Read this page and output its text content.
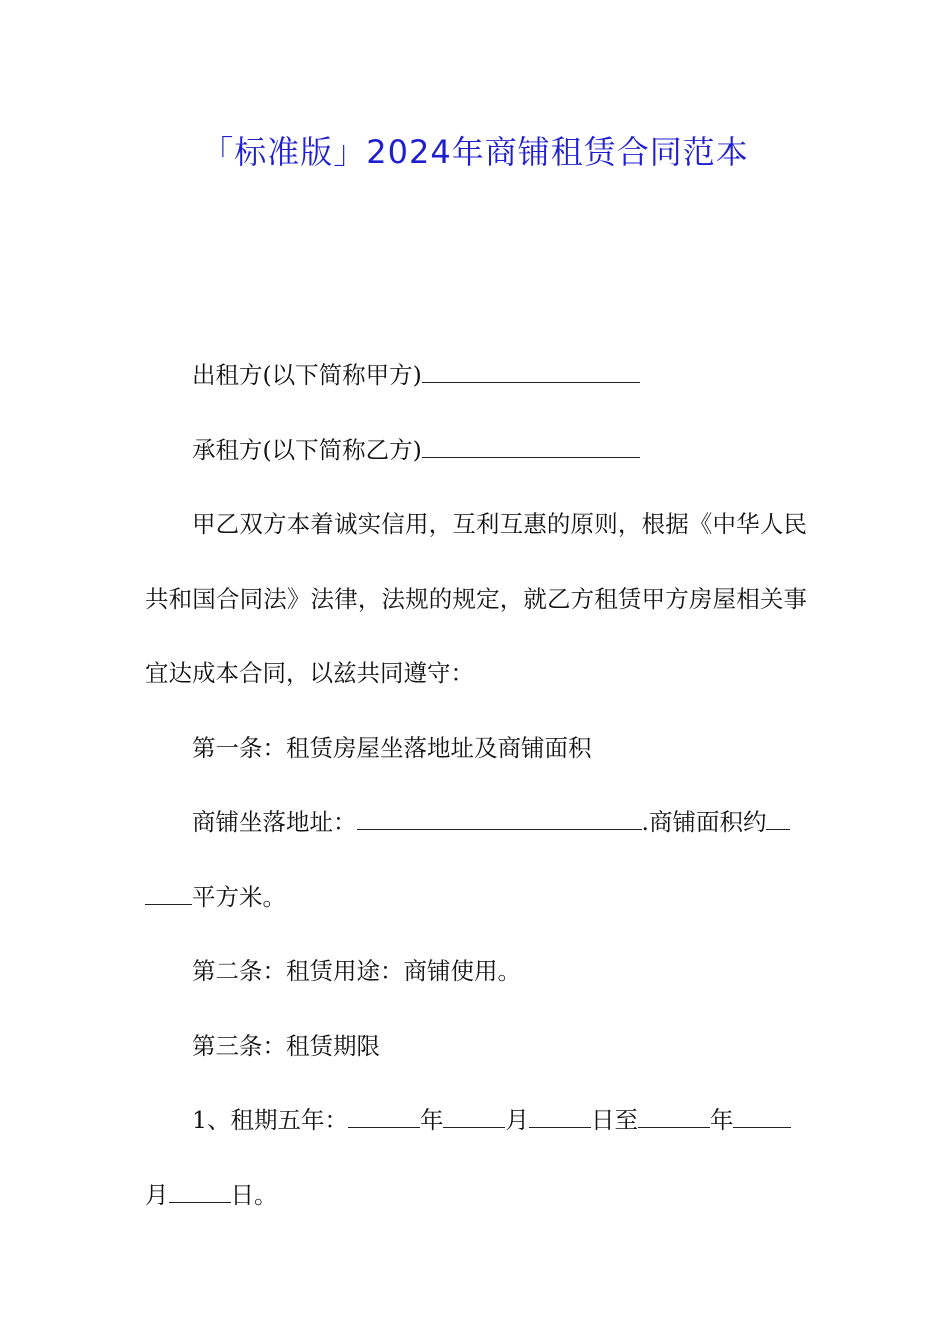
「标准版」2024年商铺租赁合同范本

出租方(以下简称甲方)

承租方(以下简称乙方)

甲乙双方本着诚实信用，互利互惠的原则，根据《中华人民共和国合同法》法律，法规的规定，就乙方租赁甲方房屋相关事宜达成本合同，以兹共同遵守：

第一条：租赁房屋坐落地址及商铺面积

商铺坐落地址：	.商铺面积约
平方米。

第二条：租赁用途：商铺使用。

第三条：租赁期限

1、租期五年：	年	月	日至	年
月	日。
